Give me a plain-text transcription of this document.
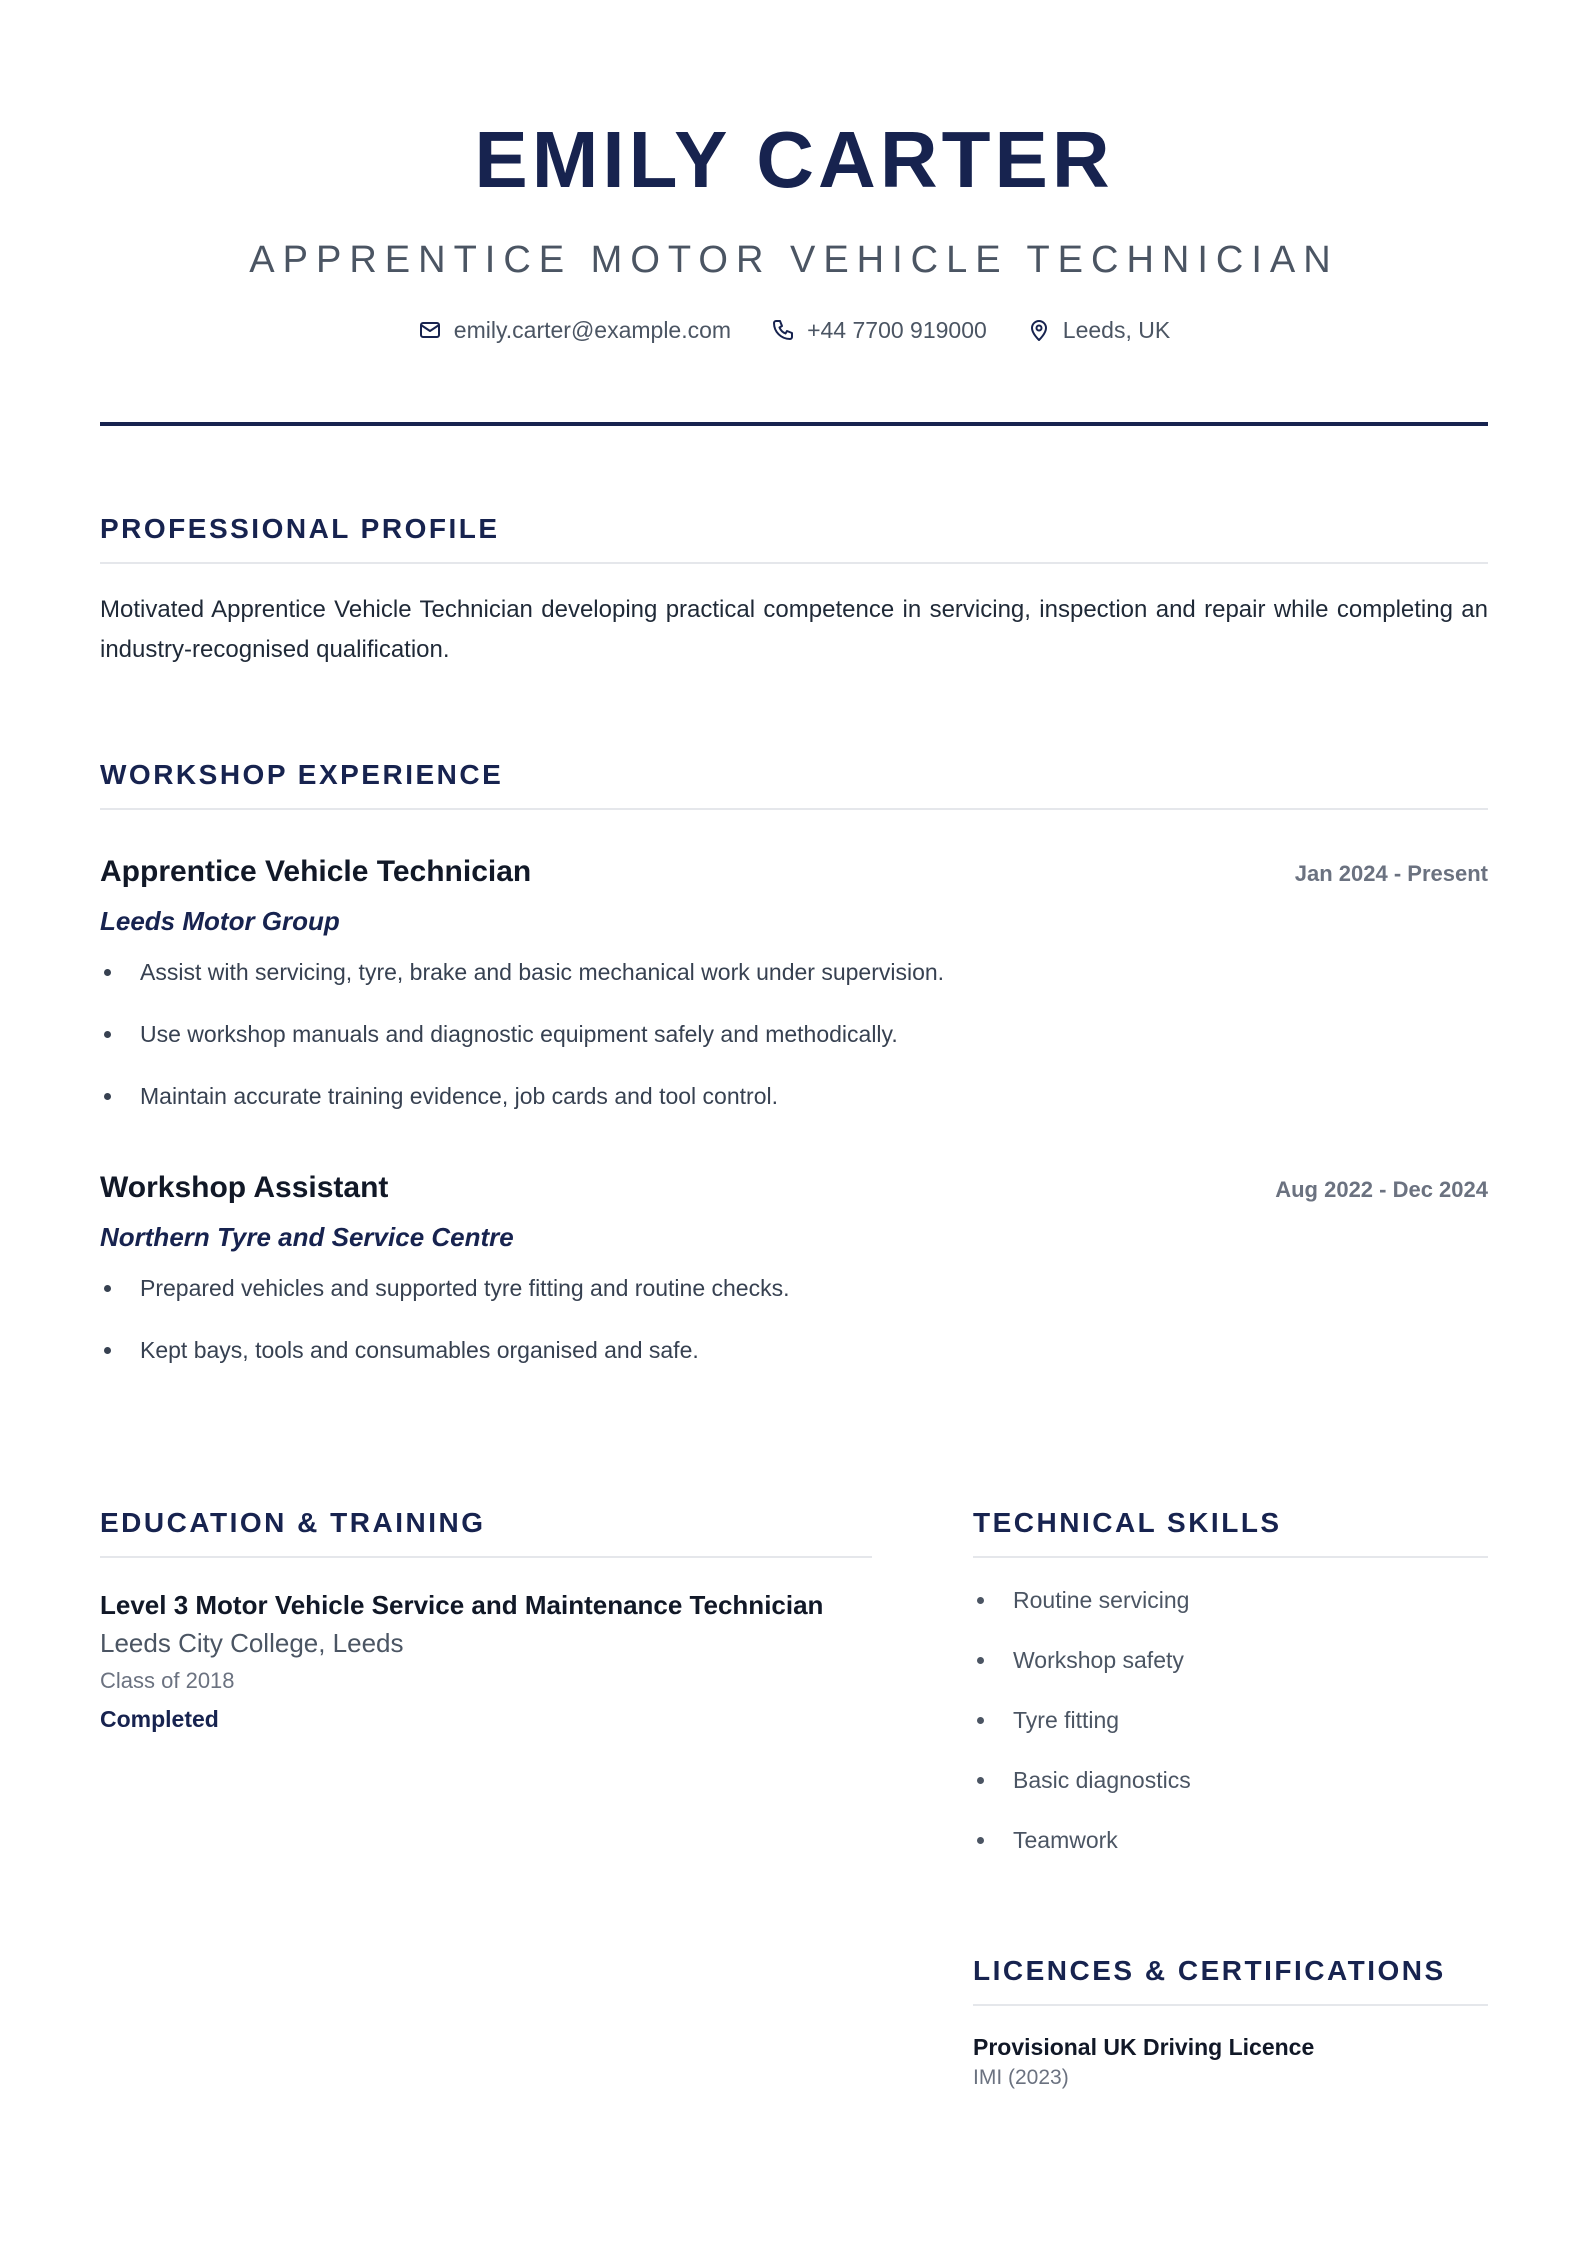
EMILY CARTER
APPRENTICE MOTOR VEHICLE TECHNICIAN
emily.carter@example.com	+44 7700 919000	Leeds, UK
PROFESSIONAL PROFILE
Motivated Apprentice Vehicle Technician developing practical competence in servicing, inspection and repair while completing an industry-recognised qualification.
WORKSHOP EXPERIENCE
Apprentice Vehicle Technician	Jan 2024 - Present
Leeds Motor Group
Assist with servicing, tyre, brake and basic mechanical work under supervision.
Use workshop manuals and diagnostic equipment safely and methodically.
Maintain accurate training evidence, job cards and tool control.
Workshop Assistant	Aug 2022 - Dec 2024
Northern Tyre and Service Centre
Prepared vehicles and supported tyre fitting and routine checks.
Kept bays, tools and consumables organised and safe.
EDUCATION & TRAINING
Level 3 Motor Vehicle Service and Maintenance Technician
Leeds City College, Leeds
Class of 2018
Completed
TECHNICAL SKILLS
Routine servicing
Workshop safety
Tyre fitting
Basic diagnostics
Teamwork
LICENCES & CERTIFICATIONS
Provisional UK Driving Licence
IMI (2023)
